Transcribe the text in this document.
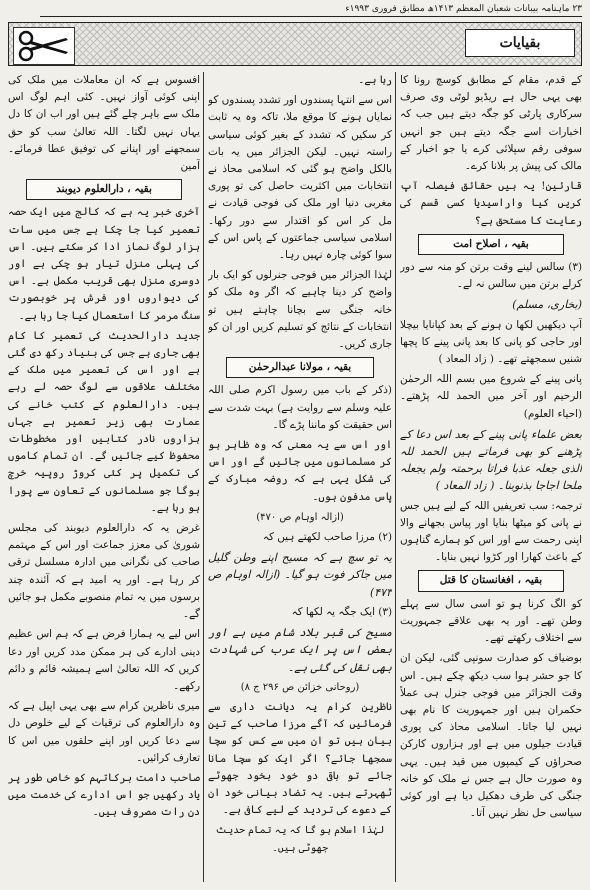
۲۳ ماہنامہ بیبانات شعبان المعظم ۱۴۱۳ھ مطابق فروری ۱۹۹۳ء
بقیایات

کے قدم، مقام کے مطابق کوسچ رونا کا بھی یہی حال ہے ریڈیو لوٹی وی صرف سرکاری پارٹی کو جگہ دیتے ہیں جب کہ اخبارات اسے جگہ دیتے ہیں جو انہیں سوفی رقم سپلائی کرے یا جو اخبار کے مالک کی پیش پر بلانا کرے۔

قارئین! یہ ہیں حقائق فیصلہ آپ کریں کیا واراسیدیا کسی قسم کی رعایت کا مستحق ہے؟

بقیہ ، اصلاح امت

(۳) سالس لینے وقت برتن کو منہ سے دور کرلے برتن میں سالس نہ لے۔

(بخاری، مسلم)

آپ دیکھیں لکھا ن ہونے کے بعد کپانایا بیچلا اور حاجی کو پانی کا بعد پانی پینے کا پچھا شنیں سمجھتے تھے۔ ( زاد المعاد )

پانی پینے کے شروع میں بسم اللہ الرحمٰن الرحیم اور آخر میں الحمد للہ پڑھتے۔ (احیاء العلوم)

بعض علماء پانی پینے کے بعد اس دعا کے پڑھنے کو بھی فرماتے ہیں الحمد للہ الذی جعلہ عذبا فراتا برحمتہ ولم یجعلہ ملحا اجاجا بذنوبنا۔ ( زاد المعاد )

ترجمہ: سب تعریفیں اللہ کے لیے ہیں جس نے پانی کو میٹھا بنایا اور پیاس بجھانے والا اپنی رحمت سے اور اس کو ہمارے گناہوں کے باعث کھارا اور کڑوا نہیں بنایا۔

بقیہ ، افغانستان کا قتل

کو الگ کرنا ہو تو اسی سال سے پہلے وطن تھے۔ اور یہ بھی علاقے جمہوریت سے اختلاف رکھتے تھے۔

بوضیاف کو صدارت سونپی گئی، لیکن ان کا جو حشر ہوا سب دیکھ چکے ہیں۔ اس وقت الجزائر میں فوجی جنرل ہی عملاً حکمران ہیں اور جمہوریت کا نام بھی نہیں لیا جاتا۔ اسلامی محاذ کی پوری قیادت جیلوں میں ہے اور ہزاروں کارکن صحراؤں کے کیمپوں میں قید ہیں۔ یہی وہ صورت حال ہے جس نے ملک کو خانہ جنگی کی طرف دھکیل دیا ہے اور کوئی سیاسی حل نظر نہیں آتا۔

رہا ہے۔

اس سے انتہا پسندوں اور تشدد پسندوں کو نمایاں ہونے کا موقع ملا، تاکہ وہ یہ ثابت کر سکیں کہ تشدد کے بغیر کوئی سیاسی راستہ نہیں۔ لیکن الجزائر میں یہ بات بالکل واضح ہو گئی کہ اسلامی محاذ نے انتخابات میں اکثریت حاصل کی تو پوری مغربی دنیا اور ملک کی فوجی قیادت نے مل کر اس کو اقتدار سے دور رکھا۔ اسلامی سیاسی جماعتوں کے پاس اس کے سوا کوئی چارہ نہیں رہا۔

لہٰذا الجزائر میں فوجی جنرلوں کو ایک بار واضح کر دینا چاہیے کہ اگر وہ ملک کو خانہ جنگی سے بچانا چاہتے ہیں تو انتخابات کے نتائج کو تسلیم کریں اور ان کو جاری کریں۔

بقیہ ، مولانا عبدالرحمٰن

(ذکر کے باب میں رسول اکرم صلی اللہ علیہ وسلم سے روایت ہے) بہت شدت سے اس حقیقت کو ماننا پڑے گا۔

اور اس سے یہ معنی کہ وہ ظاہر ہو کر مسلمانوں میں جائیں گے اور اس کی شکل یہی ہے کہ روضہ مبارک کے پاس مدفون ہوں۔

(ازالہ اوہام ص ۴۷۰)

(۲) مرزا صاحب لکھتے ہیں کہ

یہ تو سچ ہے کہ مسیح اپنے وطن گلیل میں جاکر فوت ہو گیا۔ (ازالہ اوہام ص ۴۷۳)

(۳) ایک جگہ یہ لکھا کہ

مسیح کی قبر بلاد شام میں ہے اور بعض اس پر ایک عرب کی شہادت بھی نقل کی گئی ہے۔

(روحانی خزائن ص ۲۹۶ ج ۸)

ناظرین کرام یہ دیانت داری سے فرمائیں کہ آگے مرزا صاحب کے تین بیان ہیں تو ان میں سے کس کو سچا سمجھا جائے؟ اگر ایک کو سچا مانا جائے تو باقی دو خود بخود جھوٹے ٹھہرتے ہیں۔ یہ تضاد بیانی خود ان کے دعوے کی تردید کے لیے کافی ہے۔

لہٰذا اسلام ہو گا کہ یہ تمام حدیث جھوٹی ہیں۔

افسوس ہے کہ ان معاملات میں ملک کی اپنی کوئی آواز نہیں۔ کئی اہم لوگ اس ملک سے باہر چلے گئے ہیں اور اب ان کا دل یہاں نہیں لگتا۔ اللہ تعالیٰ سب کو حق سمجھنے اور اپنانے کی توفیق عطا فرمائے۔ آمین

بقیہ ، دارالعلوم دیوبند

آخری خبر یہ ہے کہ کالج میں ایک حصہ تعمیر کیا جا چکا ہے جس میں سات ہزار لوگ نماز ادا کر سکتے ہیں۔ اس کی پہلی منزل تیار ہو چکی ہے اور دوسری منزل بھی قریب مکمل ہے۔ اس کی دیواروں اور فرش پر خوبصورت سنگ مرمر کا استعمال کیا جا رہا ہے۔

جدید دارالحدیث کی تعمیر کا کام بھی جاری ہے جس کی بنیاد رکھ دی گئی ہے اور اس کی تعمیر میں ملک کے مختلف علاقوں سے لوگ حصہ لے رہے ہیں۔ دارالعلوم کے کتب خانے کی عمارت بھی زیر تعمیر ہے جہاں ہزاروں نادر کتابیں اور مخطوطات محفوظ کیے جائیں گے۔ ان تمام کاموں کی تکمیل پر کئی کروڑ روپیہ خرچ ہوگا جو مسلمانوں کے تعاون سے پورا ہو رہا ہے۔

غرض یہ کہ دارالعلوم دیوبند کی مجلس شوریٰ کی معزز جماعت اور اس کے مہتمم صاحب کی نگرانی میں ادارہ مسلسل ترقی کر رہا ہے۔ اور یہ امید ہے کہ آئندہ چند برسوں میں یہ تمام منصوبے مکمل ہو جائیں گے۔

اس لیے یہ ہمارا فرض ہے کہ ہم اس عظیم دینی ادارے کی ہر ممکن مدد کریں اور دعا کریں کہ اللہ تعالیٰ اسے ہمیشہ قائم و دائم رکھے۔

میری ناظرین کرام سے بھی یہی اپیل ہے کہ وہ دارالعلوم کی ترقیات کے لیے خلوص دل سے دعا کریں اور اپنے حلقوں میں اس کا تعارف کرائیں۔

صاحب دامت برکاتہم کو خاص طور پر یاد رکھیں جو اس ادارے کی خدمت میں دن رات مصروف ہیں۔
